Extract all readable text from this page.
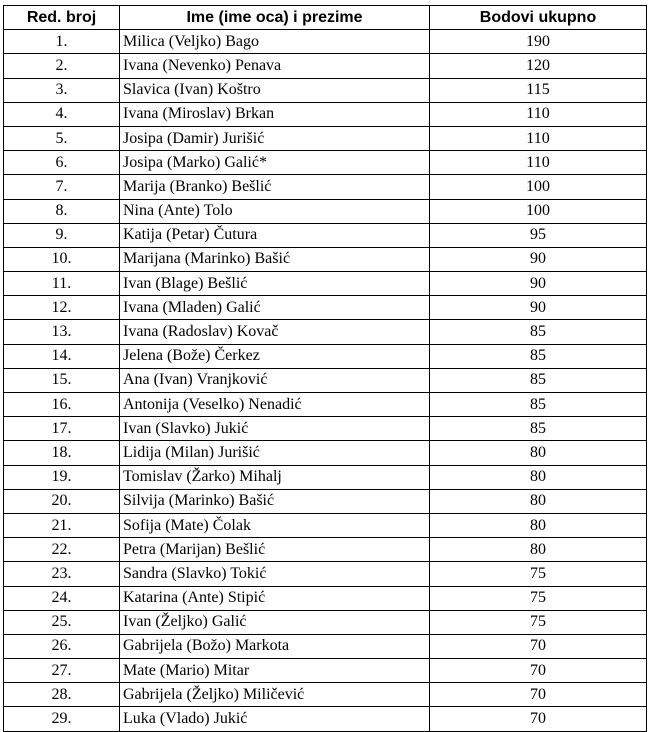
Red. broj	Ime (ime oca) i prezime	Bodovi ukupno
1.	Milica (Veljko) Bago	190
2.	Ivana (Nevenko) Penava	120
3.	Slavica (Ivan) Koštro	115
4.	Ivana (Miroslav) Brkan	110
5.	Josipa (Damir) Jurišić	110
6.	Josipa (Marko) Galić*	110
7.	Marija (Branko) Bešlić	100
8.	Nina (Ante) Tolo	100
9.	Katija (Petar) Čutura	95
10.	Marijana (Marinko) Bašić	90
11.	Ivan (Blage) Bešlić	90
12.	Ivana (Mladen) Galić	90
13.	Ivana (Radoslav) Kovač	85
14.	Jelena (Bože) Čerkez	85
15.	Ana (Ivan) Vranjković	85
16.	Antonija (Veselko) Nenadić	85
17.	Ivan (Slavko) Jukić	85
18.	Lidija (Milan) Jurišić	80
19.	Tomislav (Žarko) Mihalj	80
20.	Silvija (Marinko) Bašić	80
21.	Sofija (Mate) Čolak	80
22.	Petra (Marijan) Bešlić	80
23.	Sandra (Slavko) Tokić	75
24.	Katarina (Ante) Stipić	75
25.	Ivan (Željko) Galić	75
26.	Gabrijela (Božo) Markota	70
27.	Mate (Mario) Mitar	70
28.	Gabrijela (Željko) Miličević	70
29.	Luka (Vlado) Jukić	70
